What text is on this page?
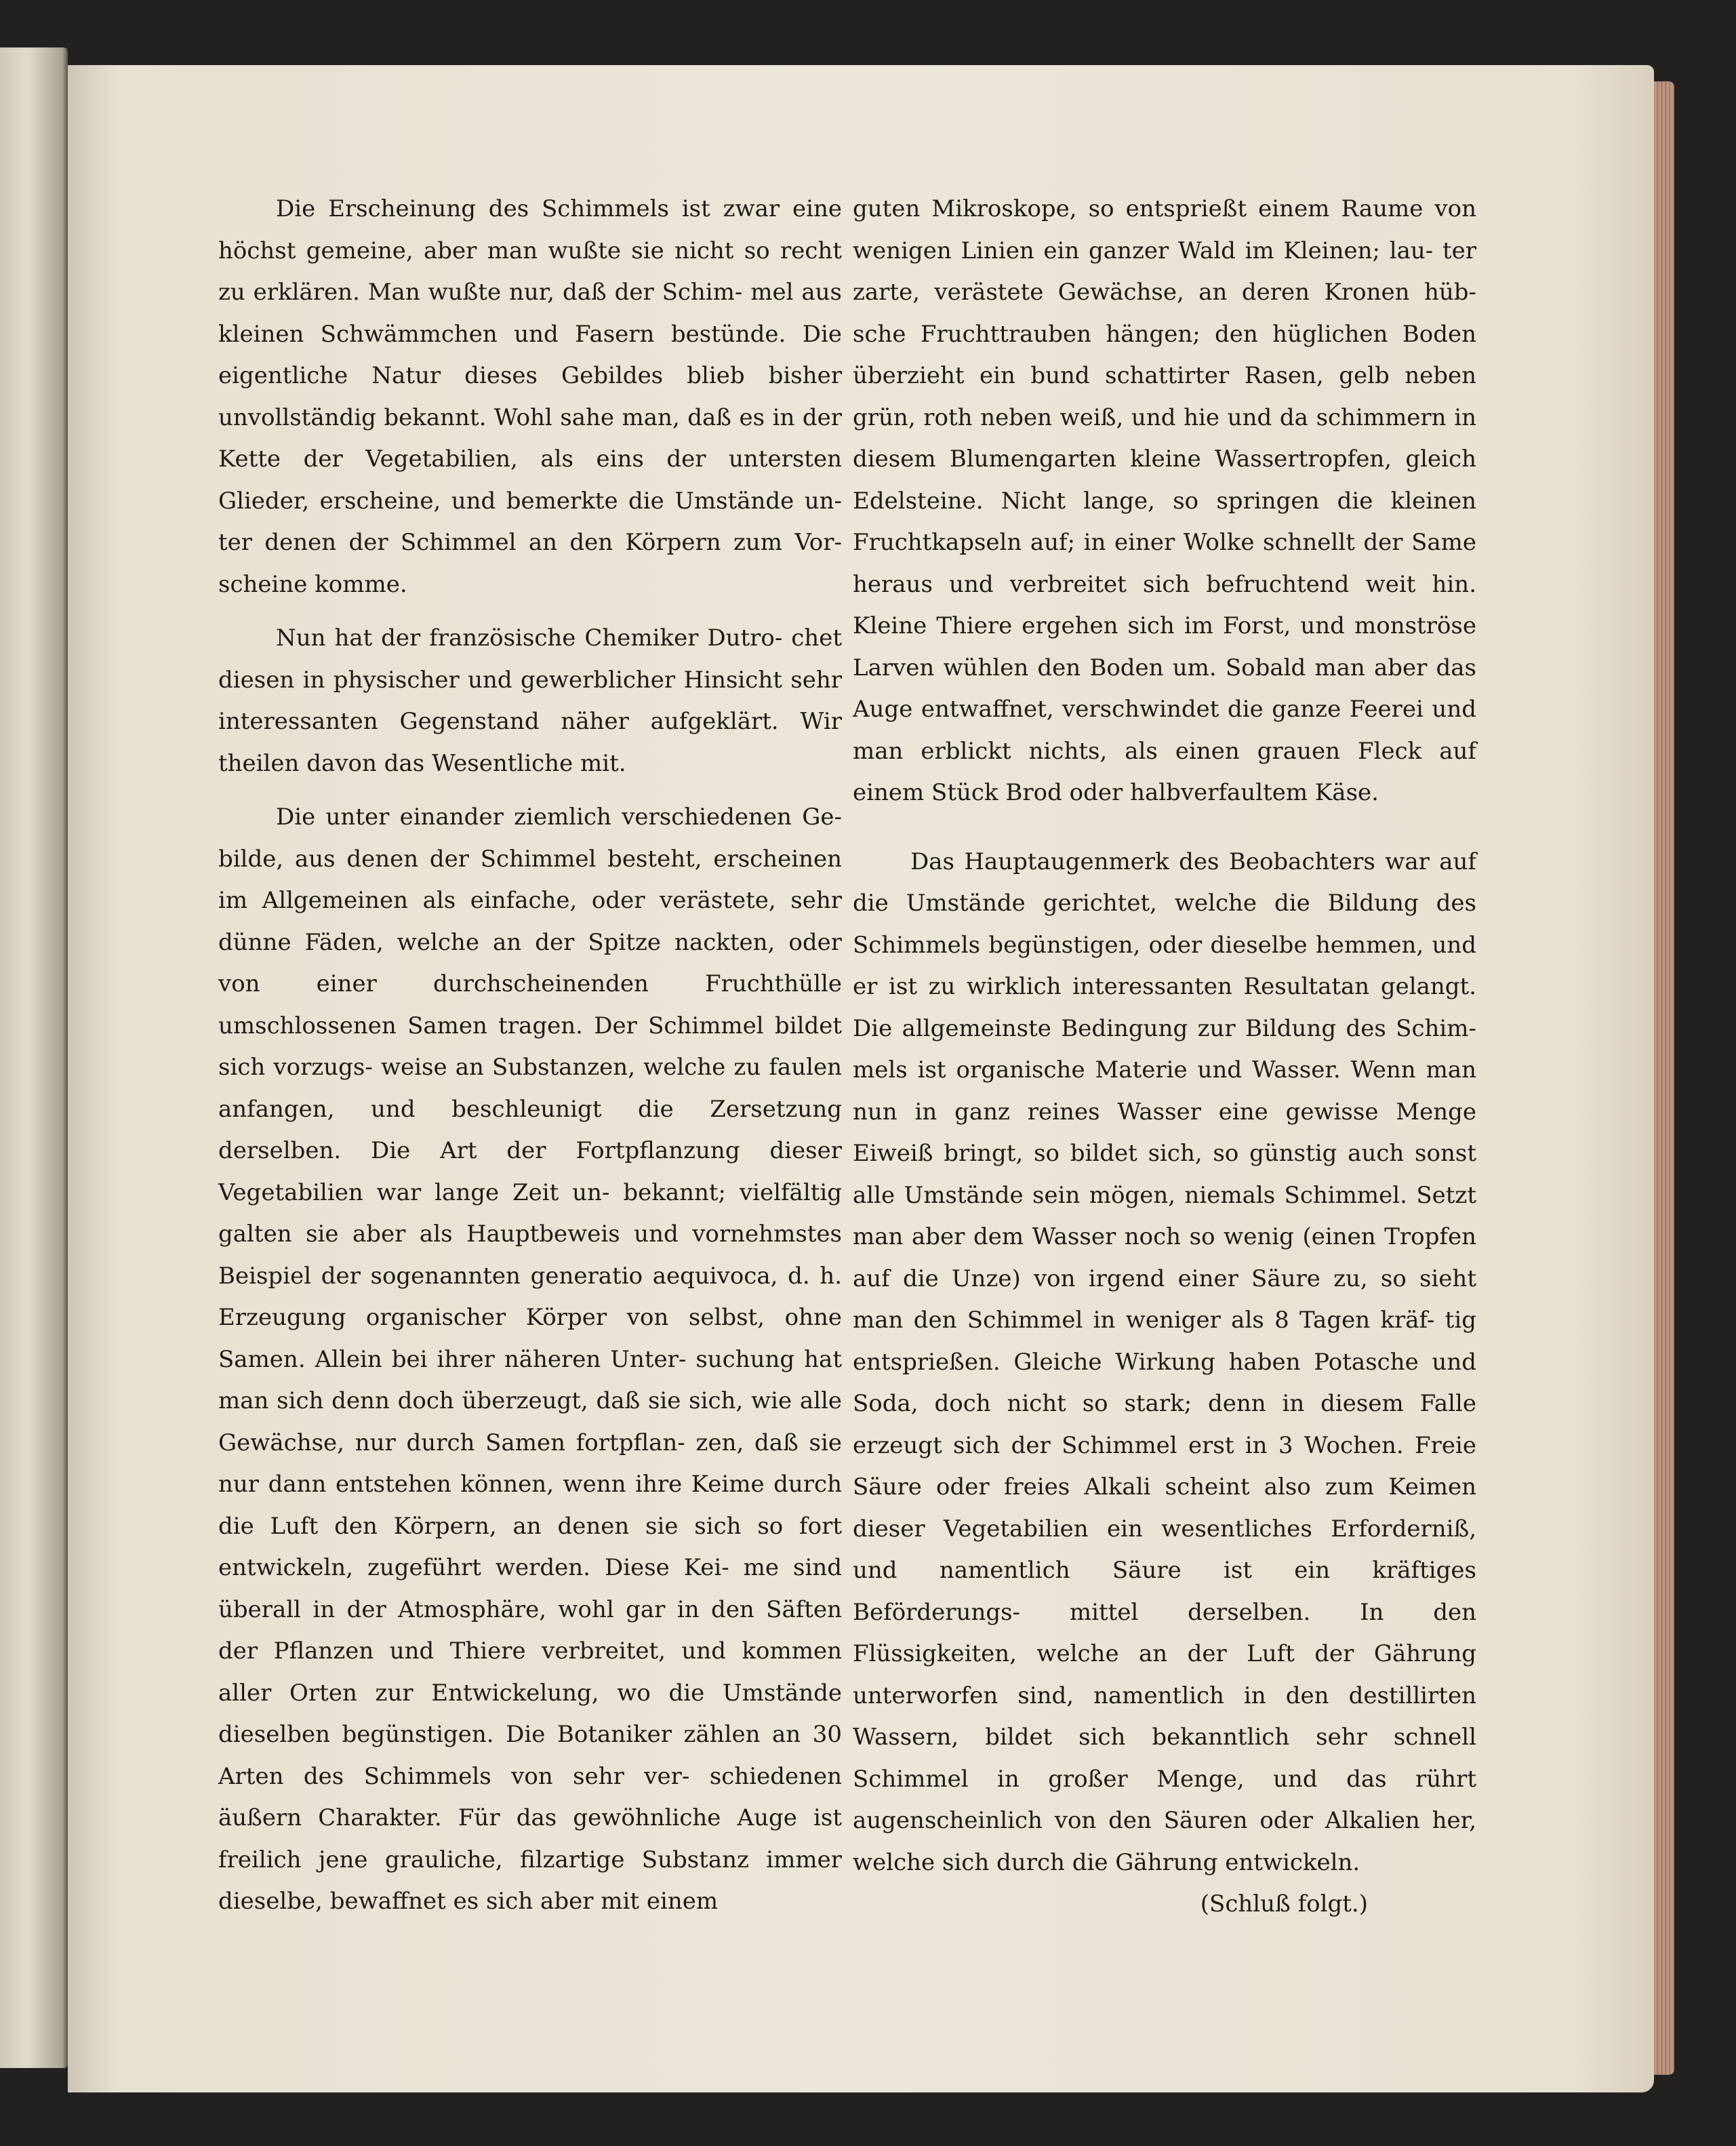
Die Erscheinung des Schimmels ist zwar eine höchst gemeine, aber man wußte sie nicht so recht zu erklären. Man wußte nur, daß der Schim- mel aus kleinen Schwämmchen und Fasern bestünde. Die eigentliche Natur dieses Gebildes blieb bisher unvollständig bekannt. Wohl sahe man, daß es in der Kette der Vegetabilien, als eins der untersten Glieder, erscheine, und bemerkte die Umstände un- ter denen der Schimmel an den Körpern zum Vor- scheine komme.

Nun hat der französische Chemiker Dutro- chet diesen in physischer und gewerblicher Hinsicht sehr interessanten Gegenstand näher aufgeklärt. Wir theilen davon das Wesentliche mit.

Die unter einander ziemlich verschiedenen Ge- bilde, aus denen der Schimmel besteht, erscheinen im Allgemeinen als einfache, oder verästete, sehr dünne Fäden, welche an der Spitze nackten, oder von einer durchscheinenden Fruchthülle umschlossenen Samen tragen. Der Schimmel bildet sich vorzugs- weise an Substanzen, welche zu faulen anfangen, und beschleunigt die Zersetzung derselben. Die Art der Fortpflanzung dieser Vegetabilien war lange Zeit un- bekannt; vielfältig galten sie aber als Hauptbeweis und vornehmstes Beispiel der sogenannten generatio aequivoca, d. h. Erzeugung organischer Körper von selbst, ohne Samen. Allein bei ihrer näheren Unter- suchung hat man sich denn doch überzeugt, daß sie sich, wie alle Gewächse, nur durch Samen fortpflan- zen, daß sie nur dann entstehen können, wenn ihre Keime durch die Luft den Körpern, an denen sie sich so fort entwickeln, zugeführt werden. Diese Kei- me sind überall in der Atmosphäre, wohl gar in den Säften der Pflanzen und Thiere verbreitet, und kommen aller Orten zur Entwickelung, wo die Umstände dieselben begünstigen. Die Botaniker zählen an 30 Arten des Schimmels von sehr ver- schiedenen äußern Charakter. Für das gewöhnliche Auge ist freilich jene grauliche, filzartige Substanz immer dieselbe, bewaffnet es sich aber mit einem

guten Mikroskope, so entsprießt einem Raume von wenigen Linien ein ganzer Wald im Kleinen; lau- ter zarte, verästete Gewächse, an deren Kronen hüb- sche Fruchttrauben hängen; den hüglichen Boden überzieht ein bund schattirter Rasen, gelb neben grün, roth neben weiß, und hie und da schimmern in diesem Blumengarten kleine Wassertropfen, gleich Edelsteine. Nicht lange, so springen die kleinen Fruchtkapseln auf; in einer Wolke schnellt der Same heraus und verbreitet sich befruchtend weit hin. Kleine Thiere ergehen sich im Forst, und monströse Larven wühlen den Boden um. Sobald man aber das Auge entwaffnet, verschwindet die ganze Feerei und man erblickt nichts, als einen grauen Fleck auf einem Stück Brod oder halbverfaultem Käse.

Das Hauptaugenmerk des Beobachters war auf die Umstände gerichtet, welche die Bildung des Schimmels begünstigen, oder dieselbe hemmen, und er ist zu wirklich interessanten Resultatan gelangt. Die allgemeinste Bedingung zur Bildung des Schim- mels ist organische Materie und Wasser. Wenn man nun in ganz reines Wasser eine gewisse Menge Eiweiß bringt, so bildet sich, so günstig auch sonst alle Umstände sein mögen, niemals Schimmel. Setzt man aber dem Wasser noch so wenig (einen Tropfen auf die Unze) von irgend einer Säure zu, so sieht man den Schimmel in weniger als 8 Tagen kräf- tig entsprießen. Gleiche Wirkung haben Potasche und Soda, doch nicht so stark; denn in diesem Falle erzeugt sich der Schimmel erst in 3 Wochen. Freie Säure oder freies Alkali scheint also zum Keimen dieser Vegetabilien ein wesentliches Erforderniß, und namentlich Säure ist ein kräftiges Beförderungs- mittel derselben. In den Flüssigkeiten, welche an der Luft der Gährung unterworfen sind, namentlich in den destillirten Wassern, bildet sich bekanntlich sehr schnell Schimmel in großer Menge, und das rührt augenscheinlich von den Säuren oder Alkalien her, welche sich durch die Gährung entwickeln.

(Schluß folgt.)
